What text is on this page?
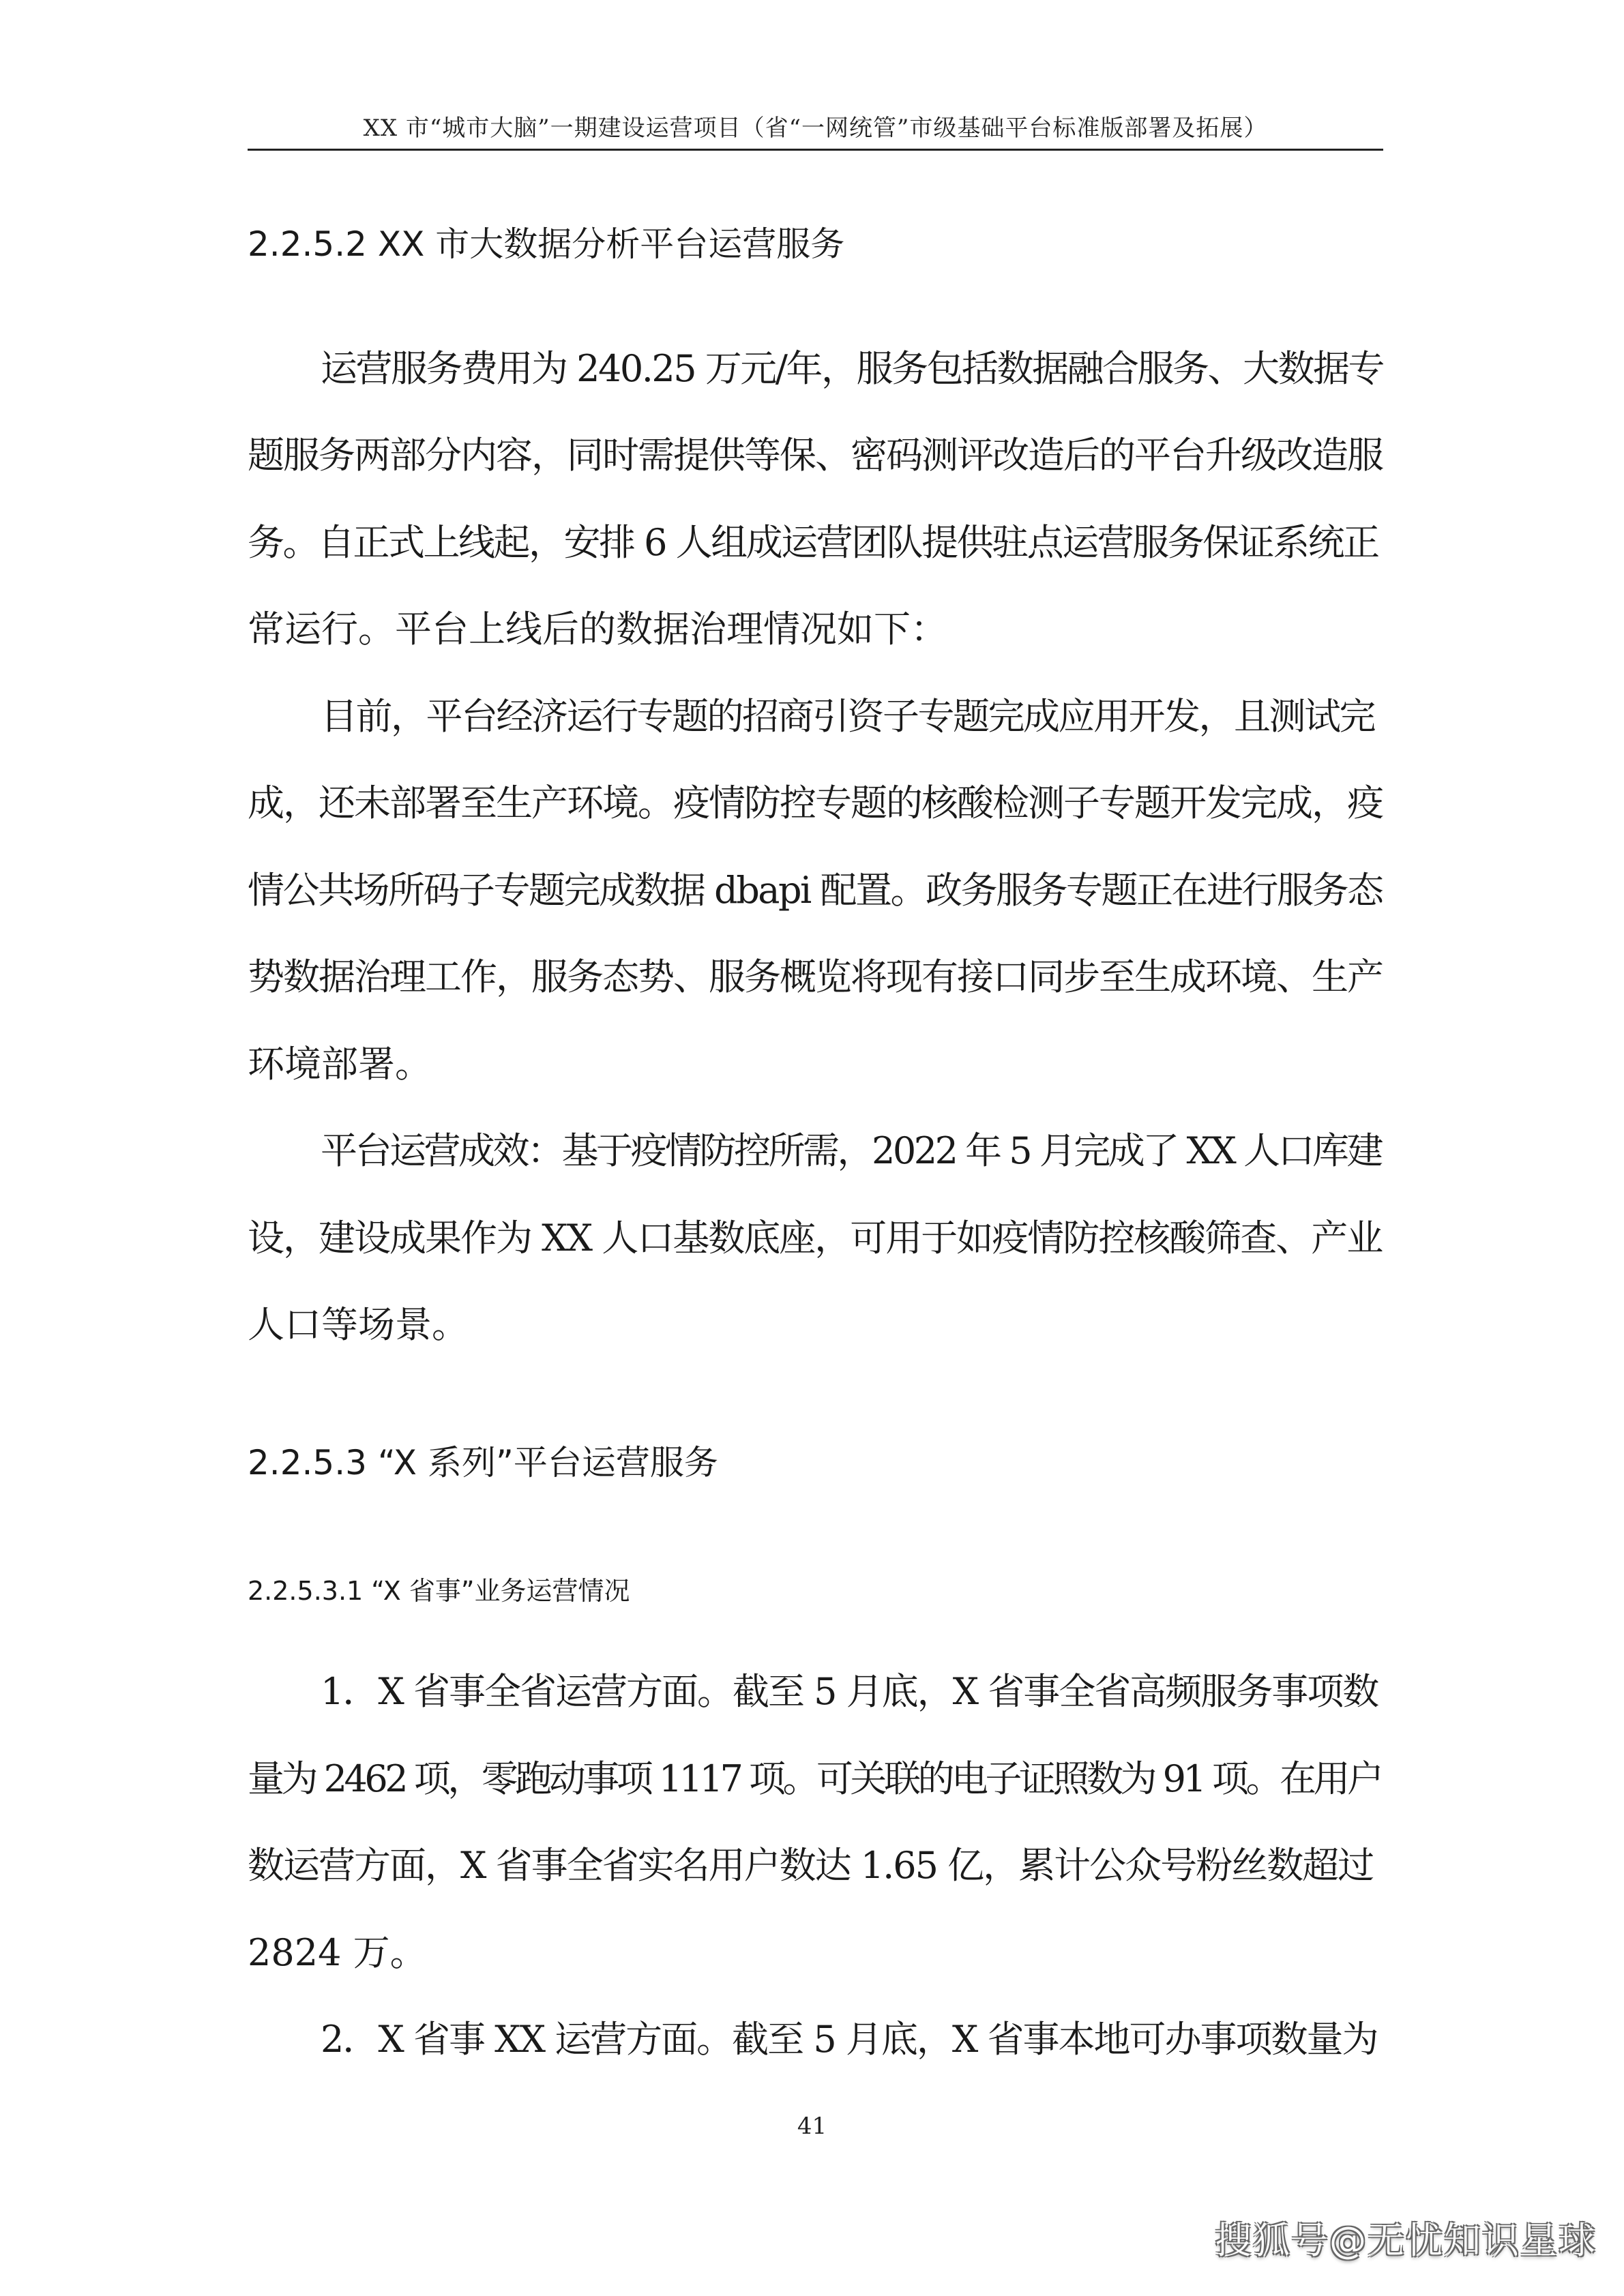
XX 市“城市大脑”一期建设运营项目（省“一网统管”市级基础平台标准版部署及拓展）
2.2.5.2 XX 市大数据分析平台运营服务
运营服务费用为 240.25 万元/年，服务包括数据融合服务、大数据专
题服务两部分内容，同时需提供等保、密码测评改造后的平台升级改造服
务。自正式上线起，安排 6 人组成运营团队提供驻点运营服务保证系统正
常运行。平台上线后的数据治理情况如下：
目前，平台经济运行专题的招商引资子专题完成应用开发，且测试完
成，还未部署至生产环境。疫情防控专题的核酸检测子专题开发完成，疫
情公共场所码子专题完成数据 dbapi 配置。政务服务专题正在进行服务态
势数据治理工作，服务态势、服务概览将现有接口同步至生成环境、生产
环境部署。
平台运营成效：基于疫情防控所需，2022 年 5 月完成了 XX 人口库建
设，建设成果作为 XX 人口基数底座，可用于如疫情防控核酸筛查、产业
人口等场景。
2.2.5.3 “X 系列”平台运营服务
2.2.5.3.1 “X 省事”业务运营情况
1．X 省事全省运营方面。截至 5 月底，X 省事全省高频服务事项数
量为 2462 项，零跑动事项 1117 项。可关联的电子证照数为 91 项。在用户
数运营方面，X 省事全省实名用户数达 1.65 亿，累计公众号粉丝数超过
2824 万。
2．X 省事 XX 运营方面。截至 5 月底，X 省事本地可办事项数量为
41
搜狐号@无忧知识星球
